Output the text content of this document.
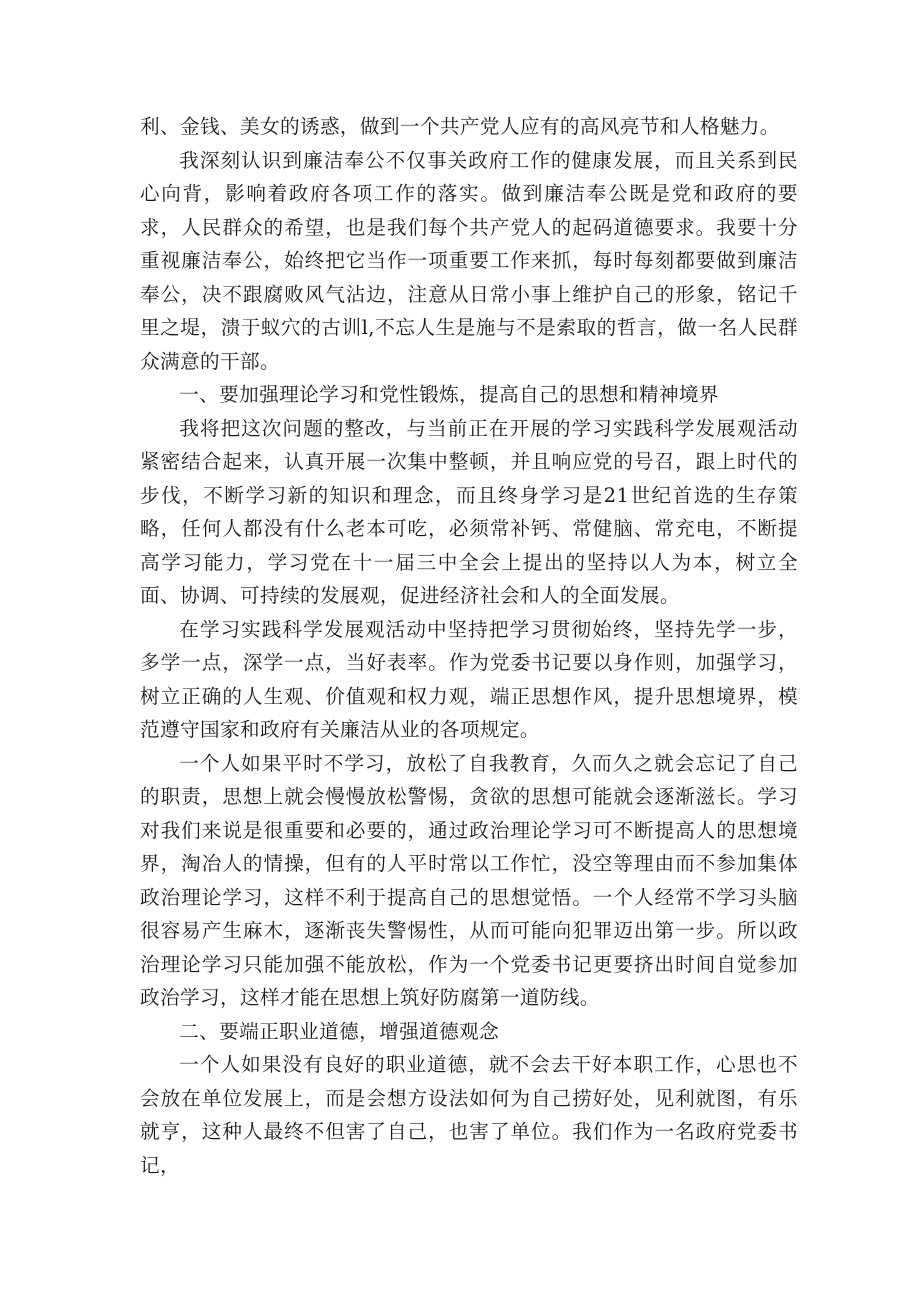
利、金钱、美女的诱惑，做到一个共产党人应有的高风亮节和人格魅力。

我深刻认识到廉洁奉公不仅事关政府工作的健康发展，而且关系到民心向背，影响着政府各项工作的落实。做到廉洁奉公既是党和政府的要求，人民群众的希望，也是我们每个共产党人的起码道德要求。我要十分重视廉洁奉公，始终把它当作一项重要工作来抓，每时每刻都要做到廉洁奉公，决不跟腐败风气沾边，注意从日常小事上维护自己的形象，铭记千里之堤，溃于蚁穴的古训l,不忘人生是施与不是索取的哲言，做一名人民群众满意的干部。

一、要加强理论学习和党性锻炼，提高自己的思想和精神境界

我将把这次问题的整改，与当前正在开展的学习实践科学发展观活动紧密结合起来，认真开展一次集中整顿，并且响应党的号召，跟上时代的步伐，不断学习新的知识和理念，而且终身学习是21世纪首选的生存策略，任何人都没有什么老本可吃，必须常补钙、常健脑、常充电，不断提高学习能力，学习党在十一届三中全会上提出的坚持以人为本，树立全面、协调、可持续的发展观，促进经济社会和人的全面发展。

在学习实践科学发展观活动中坚持把学习贯彻始终，坚持先学一步，多学一点，深学一点，当好表率。作为党委书记要以身作则，加强学习，树立正确的人生观、价值观和权力观，端正思想作风，提升思想境界，模范遵守国家和政府有关廉洁从业的各项规定。

一个人如果平时不学习，放松了自我教育，久而久之就会忘记了自己的职责，思想上就会慢慢放松警惕，贪欲的思想可能就会逐渐滋长。学习对我们来说是很重要和必要的，通过政治理论学习可不断提高人的思想境界，淘冶人的情操，但有的人平时常以工作忙，没空等理由而不参加集体政治理论学习，这样不利于提高自己的思想觉悟。一个人经常不学习头脑很容易产生麻木，逐渐丧失警惕性，从而可能向犯罪迈出第一步。所以政治理论学习只能加强不能放松，作为一个党委书记更要挤出时间自觉参加政治学习，这样才能在思想上筑好防腐第一道防线。

二、要端正职业道德，增强道德观念

一个人如果没有良好的职业道德，就不会去干好本职工作，心思也不会放在单位发展上，而是会想方设法如何为自己捞好处，见利就图，有乐就亨，这种人最终不但害了自己，也害了单位。我们作为一名政府党委书记，
